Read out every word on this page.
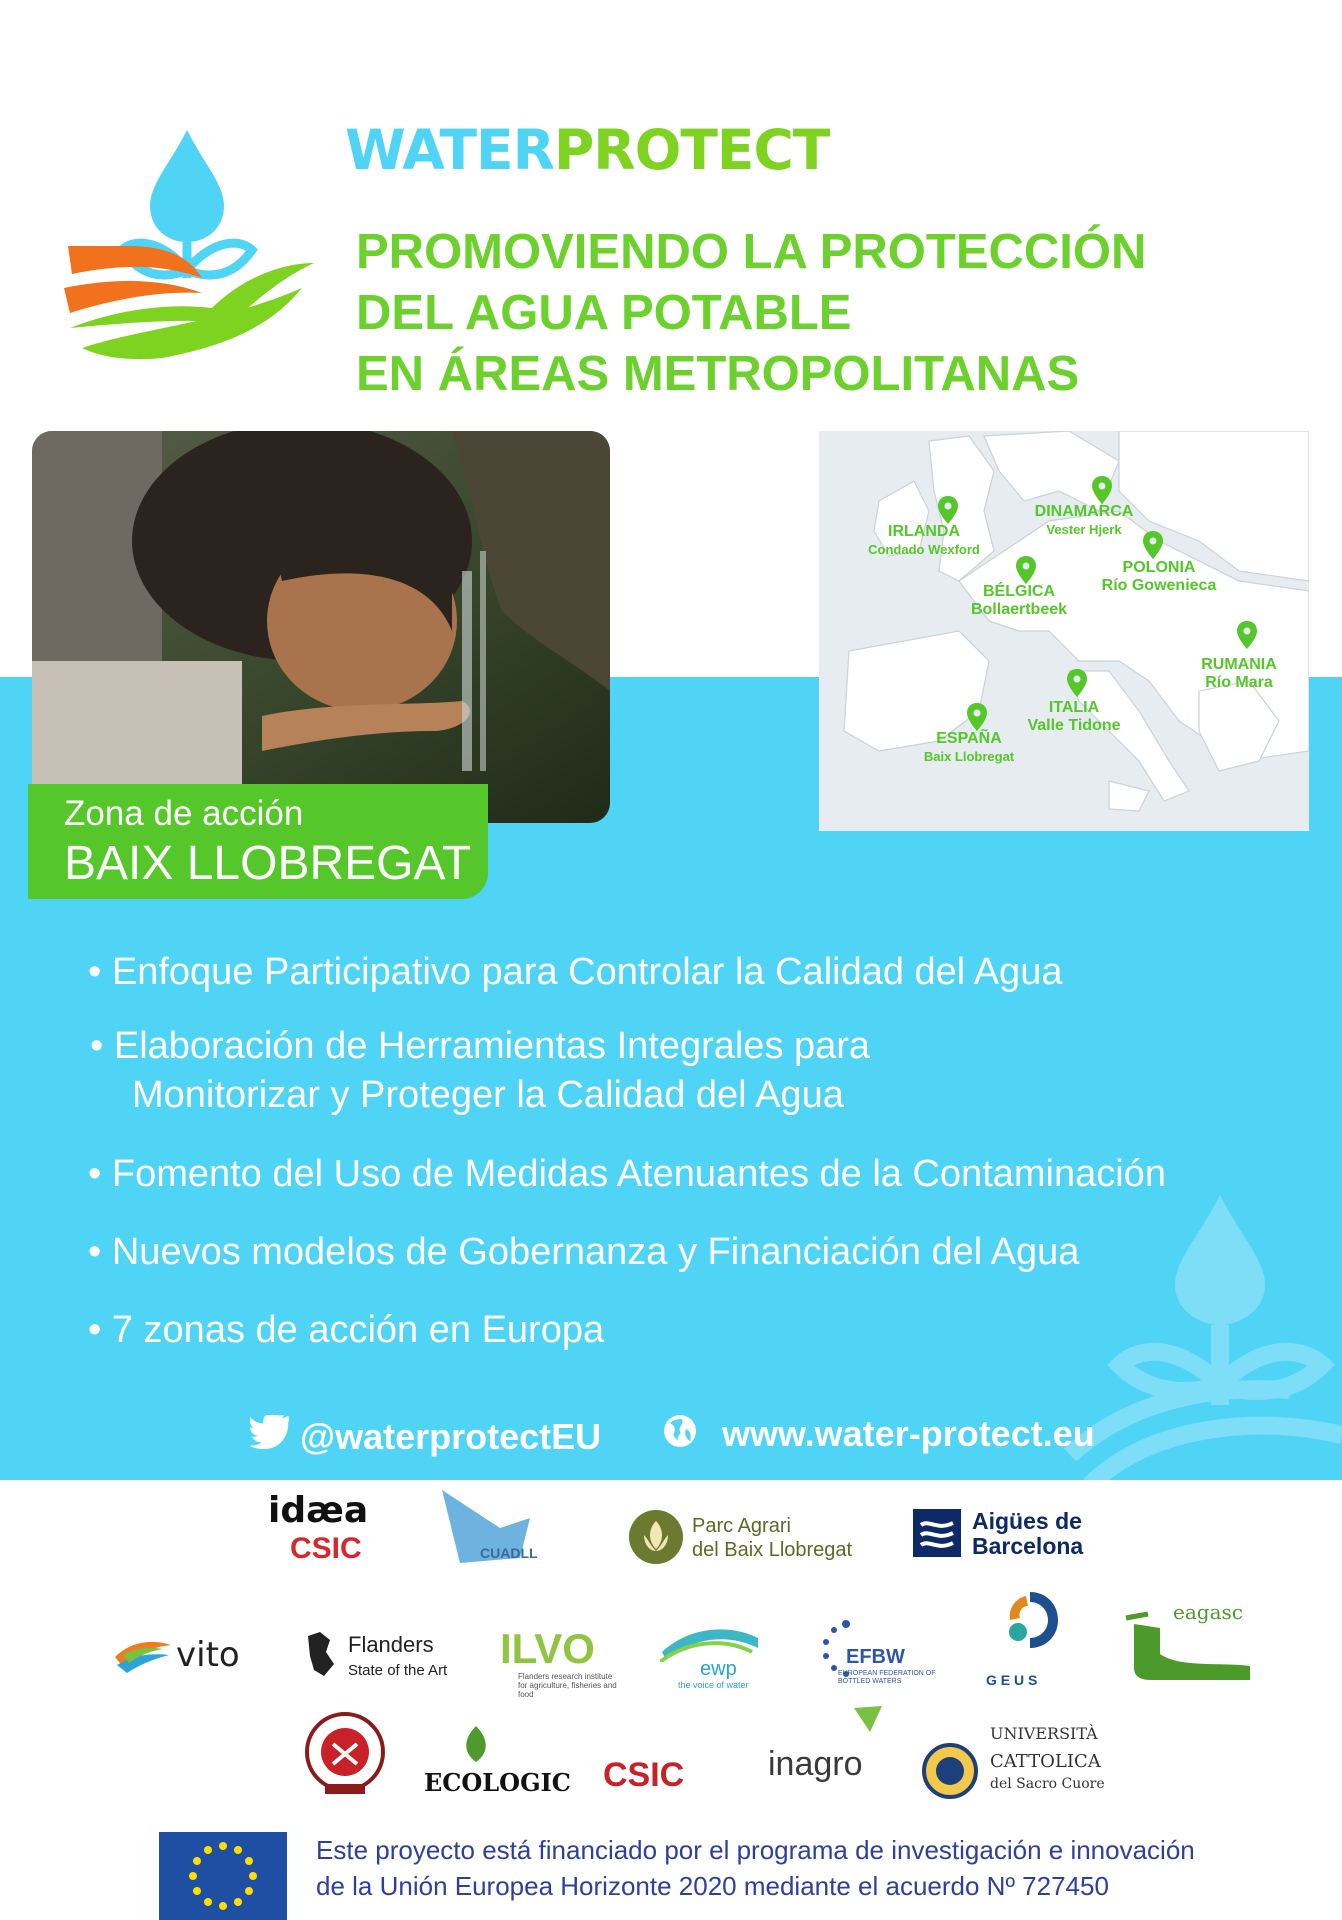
WATERPROTECT
PROMOVIENDO LA PROTECCIÓN
DEL AGUA POTABLE
EN ÁREAS METROPOLITANAS
IRLANDA
Condado Wexford
DINAMARCA
Vester Hjerk
BÉLGICA
Bollaertbeek
POLONIA
Río Gowenieca
RUMANIA
Río Mara
ITALIA
Valle Tidone
ESPAÑA
Baix Llobregat
Zona de acción
BAIX LLOBREGAT
• Enfoque Participativo para Controlar la Calidad del Agua
• Elaboración de Herramientas Integrales para
Monitorizar y Proteger la Calidad del Agua
• Fomento del Uso de Medidas Atenuantes de la Contaminación
• Nuevos modelos de Gobernanza y Financiación del Agua
• 7 zonas de acción en Europa
@waterprotectEU	www.water-protect.eu
idæa
CSIC	CUADLL
Parc Agrari
del Baix Llobregat
Aigües de
Barcelona
vito	Flanders
State of the Art ILVO
Flanders research institute for agriculture, fisheries and food
ewp
the voice of water
EFBW
EUROPEAN FEDERATION OF BOTTLED WATERS	G E U S
eagasc
ECOLOGIC CSIC inagro
UNIVERSITÀ
CATTOLICA
del Sacro Cuore
Este proyecto está financiado por el programa de investigación e innovación
de la Unión Europea Horizonte 2020 mediante el acuerdo Nº 727450
